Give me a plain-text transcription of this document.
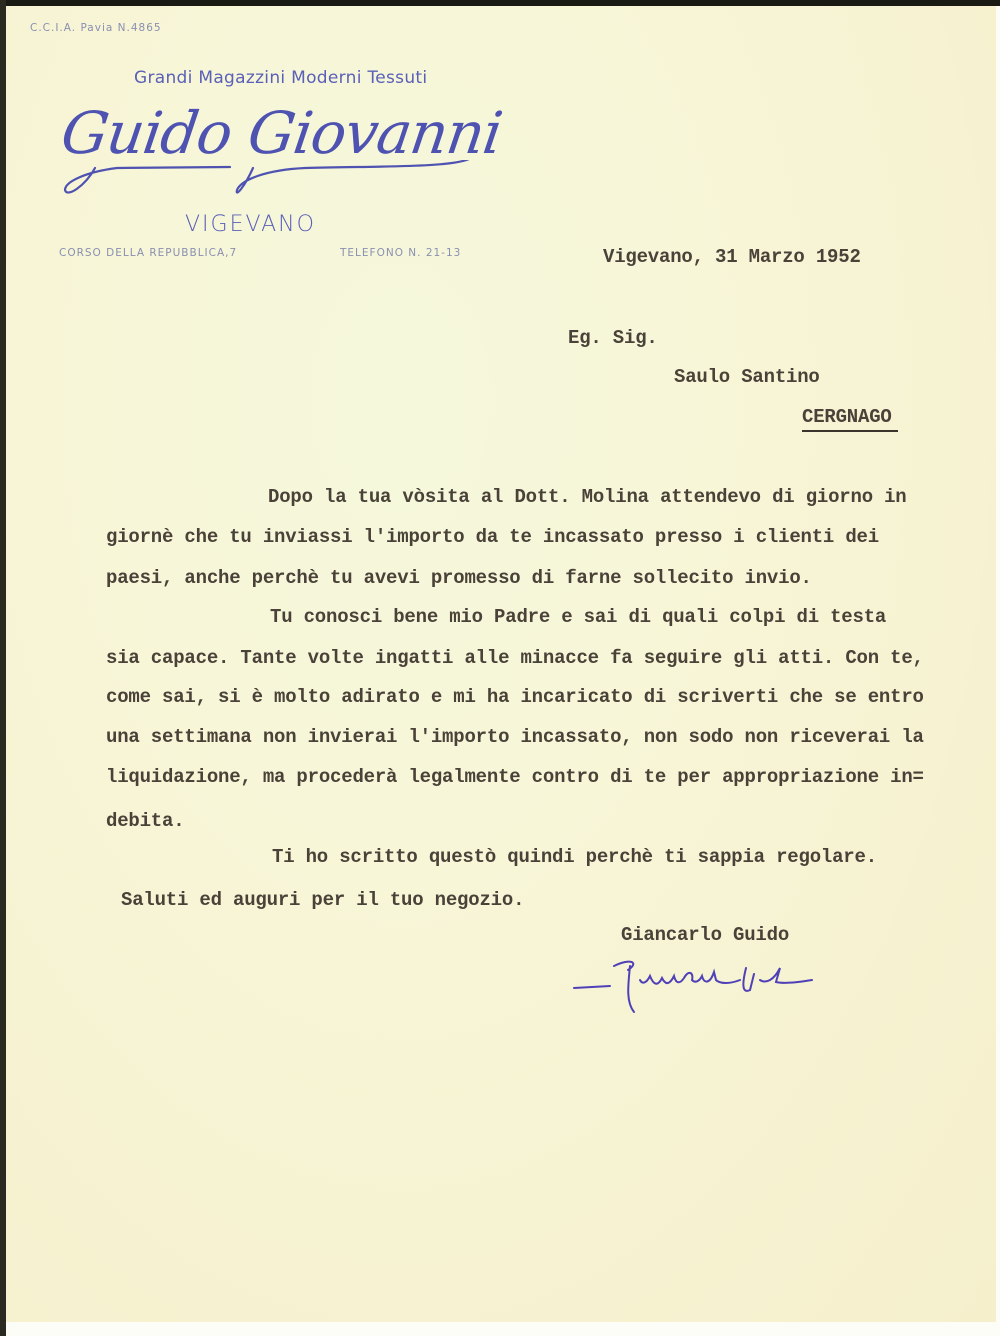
C.C.I.A. Pavia N.4865
Grandi Magazzini Moderni Tessuti
Guido Giovanni
VIGEVANO
CORSO DELLA REPUBBLICA,7	TELEFONO N. 21-13	Vigevano, 31 Marzo 1952
Eg. Sig.
Saulo Santino
CERGNAGO
Dopo la tua vòsita al Dott. Molina attendevo di giorno in
giornè che tu inviassi l'importo da te incassato presso i clienti dei
paesi, anche perchè tu avevi promesso di farne sollecito invio.
Tu conosci bene mio Padre e sai di quali colpi di testa
sia capace. Tante volte ingatti alle minacce fa seguire gli atti. Con te,
come sai, si è molto adirato e mi ha incaricato di scriverti che se entro
una settimana non invierai l'importo incassato, non sodo non riceverai la
liquidazione, ma procederà legalmente contro di te per appropriazione in=
debita.
Ti ho scritto questò quindi perchè ti sappia regolare.
Saluti ed auguri per il tuo negozio.
Giancarlo Guido
